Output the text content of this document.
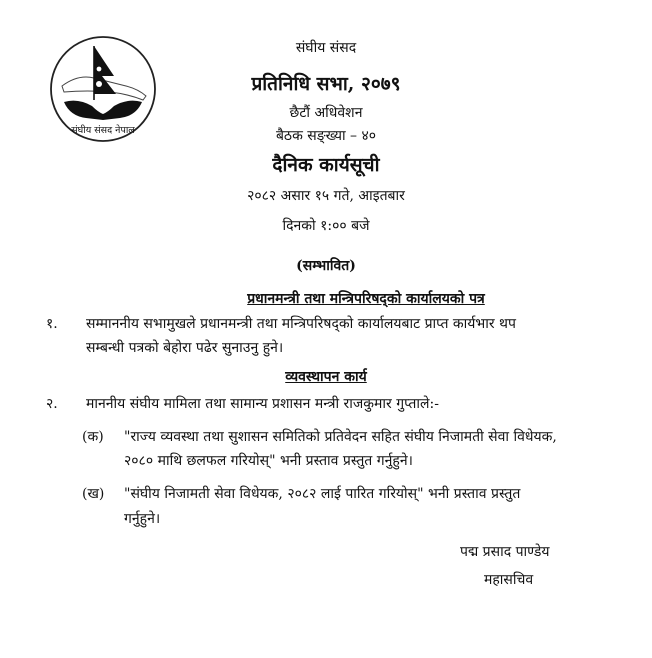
संघीय संसद नेपाल
संघीय संसद
प्रतिनिधि सभा, २०७९
छैटौं अधिवेशन
बैठक सङ्ख्या – ४०
दैनिक कार्यसूची
२०८२ असार १५ गते, आइतबार
दिनको १:०० बजे
(सम्भावित)
प्रधानमन्त्री तथा मन्त्रिपरिषद्को कार्यालयको पत्र
१. सम्माननीय सभामुखले प्रधानमन्त्री तथा मन्त्रिपरिषद्को कार्यालयबाट प्राप्त कार्यभार थप
सम्बन्धी पत्रको बेहोरा पढेर सुनाउनु हुने।
व्यवस्थापन कार्य
२. माननीय संघीय मामिला तथा सामान्य प्रशासन मन्त्री राजकुमार गुप्ताले:-
(क) "राज्य व्यवस्था तथा सुशासन समितिको प्रतिवेदन सहित संघीय निजामती सेवा विधेयक,
२०८० माथि छलफल गरियोस्" भनी प्रस्ताव प्रस्तुत गर्नुहुने।
(ख) "संघीय निजामती सेवा विधेयक, २०८२ लाई पारित गरियोस्" भनी प्रस्ताव प्रस्तुत
गर्नुहुने।
पद्म प्रसाद पाण्डेय
महासचिव
